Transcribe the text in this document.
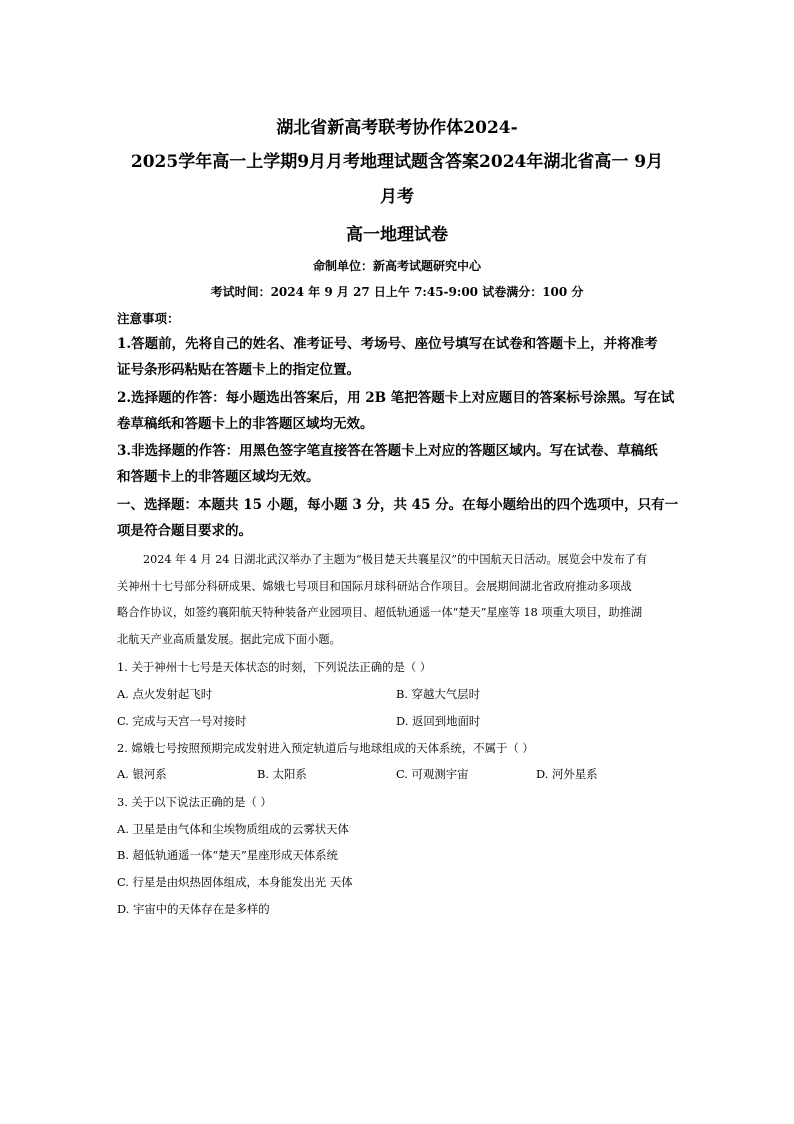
湖北省新高考联考协作体2024-
2025学年高一上学期9月月考地理试题含答案2024年湖北省高一 9月
月考
高一地理试卷
命制单位：新高考试题研究中心
考试时间：2024 年 9 月 27 日上午 7:45-9:00 试卷满分：100 分
注意事项：
1.答题前，先将自己的姓名、准考证号、考场号、座位号填写在试卷和答题卡上，并将准考
证号条形码粘贴在答题卡上的指定位置。
2.选择题的作答：每小题选出答案后，用 2B 笔把答题卡上对应题目的答案标号涂黑。写在试
卷草稿纸和答题卡上的非答题区域均无效。
3.非选择题的作答：用黑色签字笔直接答在答题卡上对应的答题区域内。写在试卷、草稿纸
和答题卡上的非答题区域均无效。
一、选择题：本题共 15 小题，每小题 3 分，共 45 分。在每小题给出的四个选项中，只有一
项是符合题目要求的。
2024 年 4 月 24 日湖北武汉举办了主题为“极目楚天共襄星汉”的中国航天日活动。展览会中发布了有
关神州十七号部分科研成果、嫦娥七号项目和国际月球科研站合作项目。会展期间湖北省政府推动多项战
略合作协议，如签约襄阳航天特种装备产业园项目、超低轨通遥一体“楚天”星座等 18 项重大项目，助推湖
北航天产业高质量发展。据此完成下面小题。
1. 关于神州十七号是天体状态的时刻，下列说法正确的是（ ）
A. 点火发射起飞时	B. 穿越大气层时
C. 完成与天宫一号对接时	D. 返回到地面时
2. 嫦娥七号按照预期完成发射进入预定轨道后与地球组成的天体系统，不属于（ ）
A. 银河系	B. 太阳系	C. 可观测宇宙	D. 河外星系
3. 关于以下说法正确的是（ ）
A. 卫星是由气体和尘埃物质组成的云雾状天体
B. 超低轨通遥一体“楚天”星座形成天体系统
C. 行星是由炽热固体组成，本身能发出光 天体
D. 宇宙中的天体存在是多样的
